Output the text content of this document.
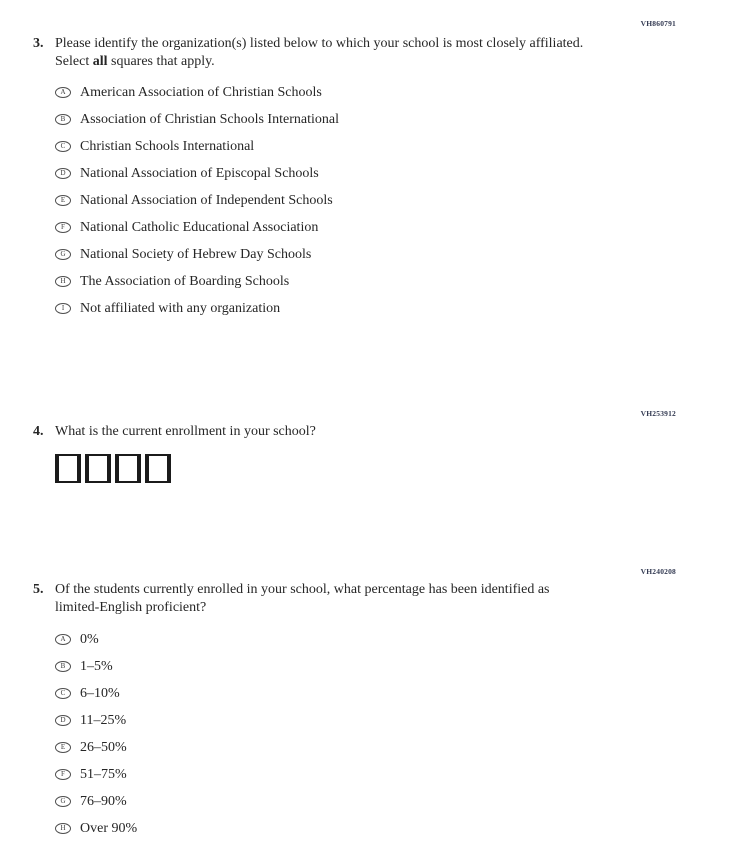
VH860791
3. Please identify the organization(s) listed below to which your school is most closely affiliated. Select all squares that apply.
A	American Association of Christian Schools
B	Association of Christian Schools International
C	Christian Schools International
D	National Association of Episcopal Schools
E	National Association of Independent Schools
F	National Catholic Educational Association
G	National Society of Hebrew Day Schools
H	The Association of Boarding Schools
I	Not affiliated with any organization
VH253912
4. What is the current enrollment in your school?
VH240208
5. Of the students currently enrolled in your school, what percentage has been identified as limited-English proficient?
A	0%
B	1–5%
C	6–10%
D	11–25%
E	26–50%
F	51–75%
G	76–90%
H	Over 90%
